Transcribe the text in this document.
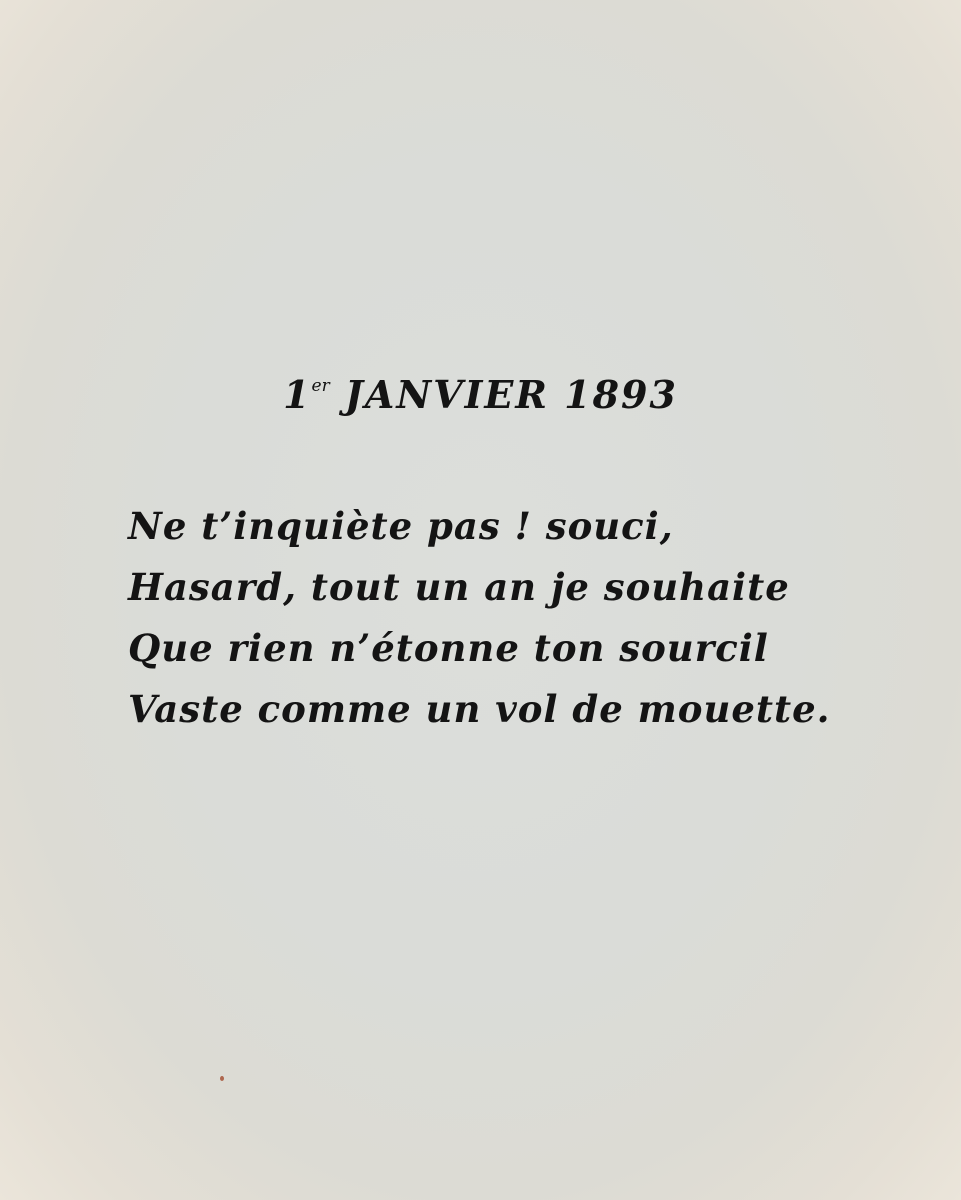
1er JANVIER 1893
Ne t’inquiète pas ! souci,
Hasard, tout un an je souhaite
Que rien n’étonne ton sourcil
Vaste comme un vol de mouette.
